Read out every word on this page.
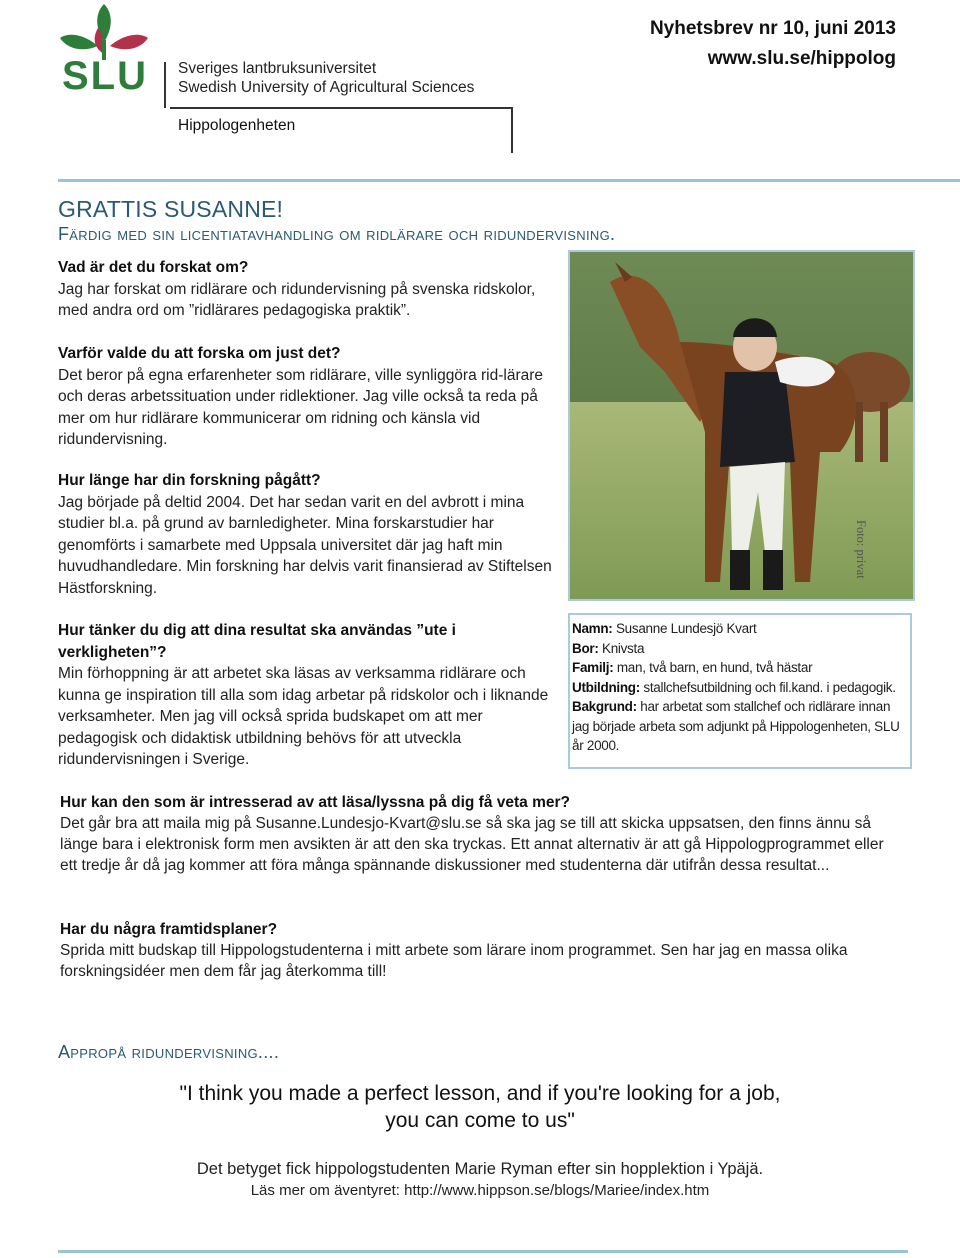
SLU Sveriges lantbruksuniversitet
Swedish University of Agricultural Sciences
Hippologenheten
Nyhetsbrev nr 10, juni 2013
www.slu.se/hippolog
GRATTIS SUSANNE!
Färdig med sin licentiatavhandling om ridlärare och ridundervisning.

Vad är det du forskat om?

Jag har forskat om ridlärare och ridundervisning på svenska ridskolor, med andra ord om ”ridlärares pedagogiska praktik”.

Varför valde du att forska om just det?

Det beror på egna erfarenheter som ridlärare, ville synliggöra rid-lärare och deras arbetssituation under ridlektioner. Jag ville också ta reda på mer om hur ridlärare kommunicerar om ridning och känsla vid ridundervisning.

Hur länge har din forskning pågått?

Jag började på deltid 2004. Det har sedan varit en del avbrott i mina studier bl.a. på grund av barnledigheter. Mina forskarstudier har genomförts i samarbete med Uppsala universitet där jag haft min huvudhandledare. Min forskning har delvis varit finansierad av Stiftelsen Hästforskning.

Hur tänker du dig att dina resultat ska användas ”ute i verkligheten”?

Min förhoppning är att arbetet ska läsas av verksamma ridlärare och kunna ge inspiration till alla som idag arbetar på ridskolor och i liknande verksamheter. Men jag vill också sprida budskapet om att mer pedagogisk och didaktisk utbildning behövs för att utveckla ridundervisningen i Sverige.

Foto: privat

Namn: Susanne Lundesjö Kvart

Bor: Knivsta

Familj: man, två barn, en hund, två hästar

Utbildning: stallchefsutbildning och fil.kand. i pedagogik.

Bakgrund: har arbetat som stallchef och ridlärare innan jag började arbeta som adjunkt på Hippologenheten, SLU år 2000.

Hur kan den som är intresserad av att läsa/lyssna på dig få veta mer?

Det går bra att maila mig på Susanne.Lundesjo-Kvart@slu.se så ska jag se till att skicka uppsatsen, den finns ännu så länge bara i elektronisk form men avsikten är att den ska tryckas. Ett annat alternativ är att gå Hippologprogrammet eller ett tredje år då jag kommer att föra många spännande diskussioner med studenterna där utifrån dessa resultat...

Har du några framtidsplaner?

Sprida mitt budskap till Hippologstudenterna i mitt arbete som lärare inom programmet. Sen har jag en massa olika forskningsidéer men dem får jag återkomma till!

Appropå ridundervisning....
"I think you made a perfect lesson, and if you're looking for a job,
you can come to us"
Det betyget fick hippologstudenten Marie Ryman efter sin hopplektion i Ypäjä.
Läs mer om äventyret: http://www.hippson.se/blogs/Mariee/index.htm
